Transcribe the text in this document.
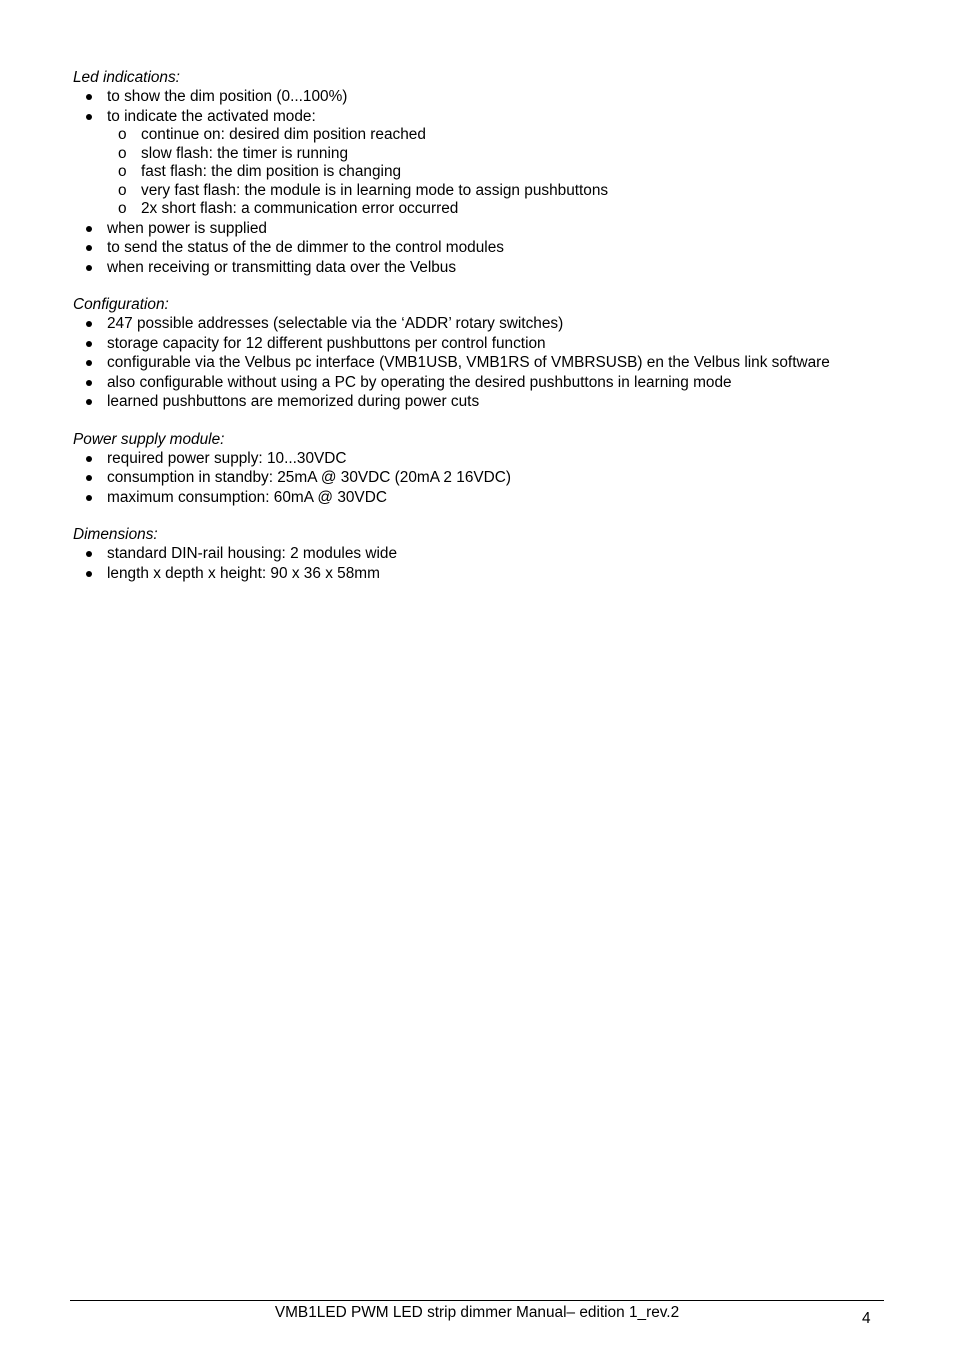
Led indications:

to show the dim position (0...100%)
to indicate the activated mode:
o continue on: desired dim position reached
o slow flash: the timer is running
o fast flash: the dim position is changing
o very fast flash: the module is in learning mode to assign pushbuttons
o 2x short flash: a communication error occurred
when power is supplied
to send the status of the de dimmer to the control modules
when receiving or transmitting data over the Velbus

Configuration:

247 possible addresses (selectable via the ‘ADDR’ rotary switches)
storage capacity for 12 different pushbuttons per control function
configurable via the Velbus pc interface (VMB1USB, VMB1RS of VMBRSUSB) en the Velbus link software
also configurable without using a PC by operating the desired pushbuttons in learning mode
learned pushbuttons are memorized during power cuts

Power supply module:

required power supply: 10...30VDC
consumption in standby: 25mA @ 30VDC (20mA 2 16VDC)
maximum consumption: 60mA @ 30VDC

Dimensions:

standard DIN-rail housing: 2 modules wide
length x depth x height: 90 x 36 x 58mm
VMB1LED PWM LED strip dimmer Manual– edition 1_rev.2	4
